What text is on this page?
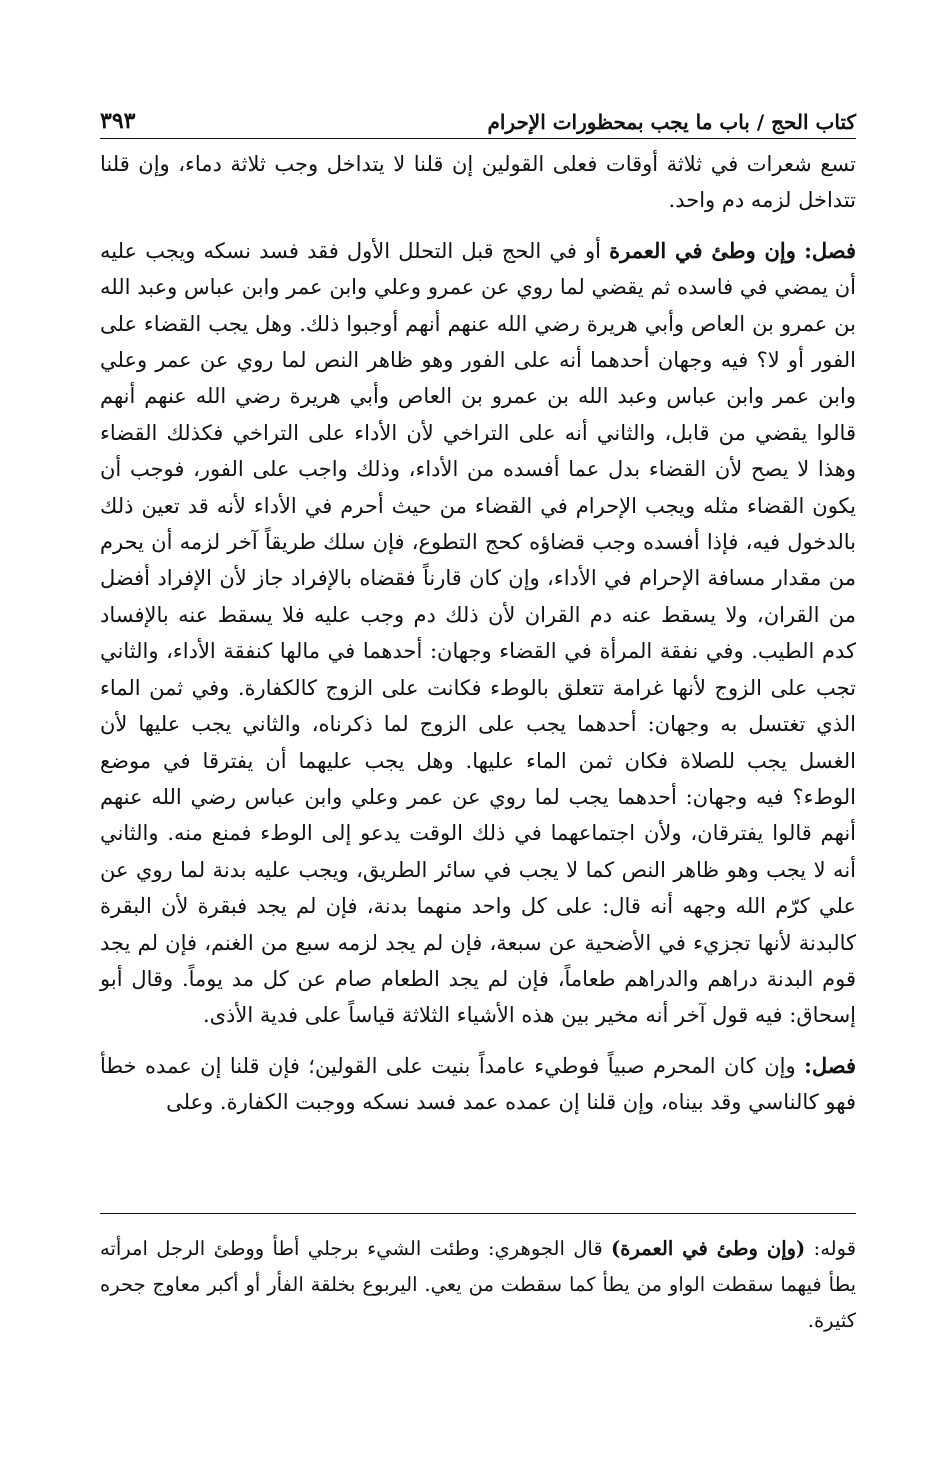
كتاب الحج / باب ما يجب بمحظورات الإحرام
٣٩٣

تسع شعرات في ثلاثة أوقات فعلى القولين إن قلنا لا يتداخل وجب ثلاثة دماء، وإن قلنا تتداخل لزمه دم واحد.

فصل: وإن وطئ في العمرة أو في الحج قبل التحلل الأول فقد فسد نسكه ويجب عليه أن يمضي في فاسده ثم يقضي لما روي عن عمرو وعلي وابن عمر وابن عباس وعبد الله بن عمرو بن العاص وأبي هريرة رضي الله عنهم أنهم أوجبوا ذلك. وهل يجب القضاء على الفور أو لا؟ فيه وجهان أحدهما أنه على الفور وهو ظاهر النص لما روي عن عمر وعلي وابن عمر وابن عباس وعبد الله بن عمرو بن العاص وأبي هريرة رضي الله عنهم أنهم قالوا يقضي من قابل، والثاني أنه على التراخي لأن الأداء على التراخي فكذلك القضاء وهذا لا يصح لأن القضاء بدل عما أفسده من الأداء، وذلك واجب على الفور، فوجب أن يكون القضاء مثله ويجب الإحرام في القضاء من حيث أحرم في الأداء لأنه قد تعين ذلك بالدخول فيه، فإذا أفسده وجب قضاؤه كحج التطوع، فإن سلك طريقاً آخر لزمه أن يحرم من مقدار مسافة الإحرام في الأداء، وإن كان قارناً فقضاه بالإفراد جاز لأن الإفراد أفضل من القران، ولا يسقط عنه دم القران لأن ذلك دم وجب عليه فلا يسقط عنه بالإفساد كدم الطيب. وفي نفقة المرأة في القضاء وجهان: أحدهما في مالها كنفقة الأداء، والثاني تجب على الزوج لأنها غرامة تتعلق بالوطء فكانت على الزوج كالكفارة. وفي ثمن الماء الذي تغتسل به وجهان: أحدهما يجب على الزوج لما ذكرناه، والثاني يجب عليها لأن الغسل يجب للصلاة فكان ثمن الماء عليها. وهل يجب عليهما أن يفترقا في موضع الوطء؟ فيه وجهان: أحدهما يجب لما روي عن عمر وعلي وابن عباس رضي الله عنهم أنهم قالوا يفترقان، ولأن اجتماعهما في ذلك الوقت يدعو إلى الوطء فمنع منه. والثاني أنه لا يجب وهو ظاهر النص كما لا يجب في سائر الطريق، ويجب عليه بدنة لما روي عن علي كرّم الله وجهه أنه قال: على كل واحد منهما بدنة، فإن لم يجد فبقرة لأن البقرة كالبدنة لأنها تجزيء في الأضحية عن سبعة، فإن لم يجد لزمه سبع من الغنم، فإن لم يجد قوم البدنة دراهم والدراهم طعاماً، فإن لم يجد الطعام صام عن كل مد يوماً. وقال أبو إسحاق: فيه قول آخر أنه مخير بين هذه الأشياء الثلاثة قياساً على فدية الأذى.

فصل: وإن كان المحرم صبياً فوطيء عامداً بنيت على القولين؛ فإن قلنا إن عمده خطأ فهو كالناسي وقد بيناه، وإن قلنا إن عمده عمد فسد نسكه ووجبت الكفارة. وعلى

قوله: (وإن وطئ في العمرة) قال الجوهري: وطئت الشيء برجلي أطأ ووطئ الرجل امرأته يطأ فيهما سقطت الواو من يطأ كما سقطت من يعي. اليربوع بخلقة الفأر أو أكبر معاوج جحره كثيرة.
